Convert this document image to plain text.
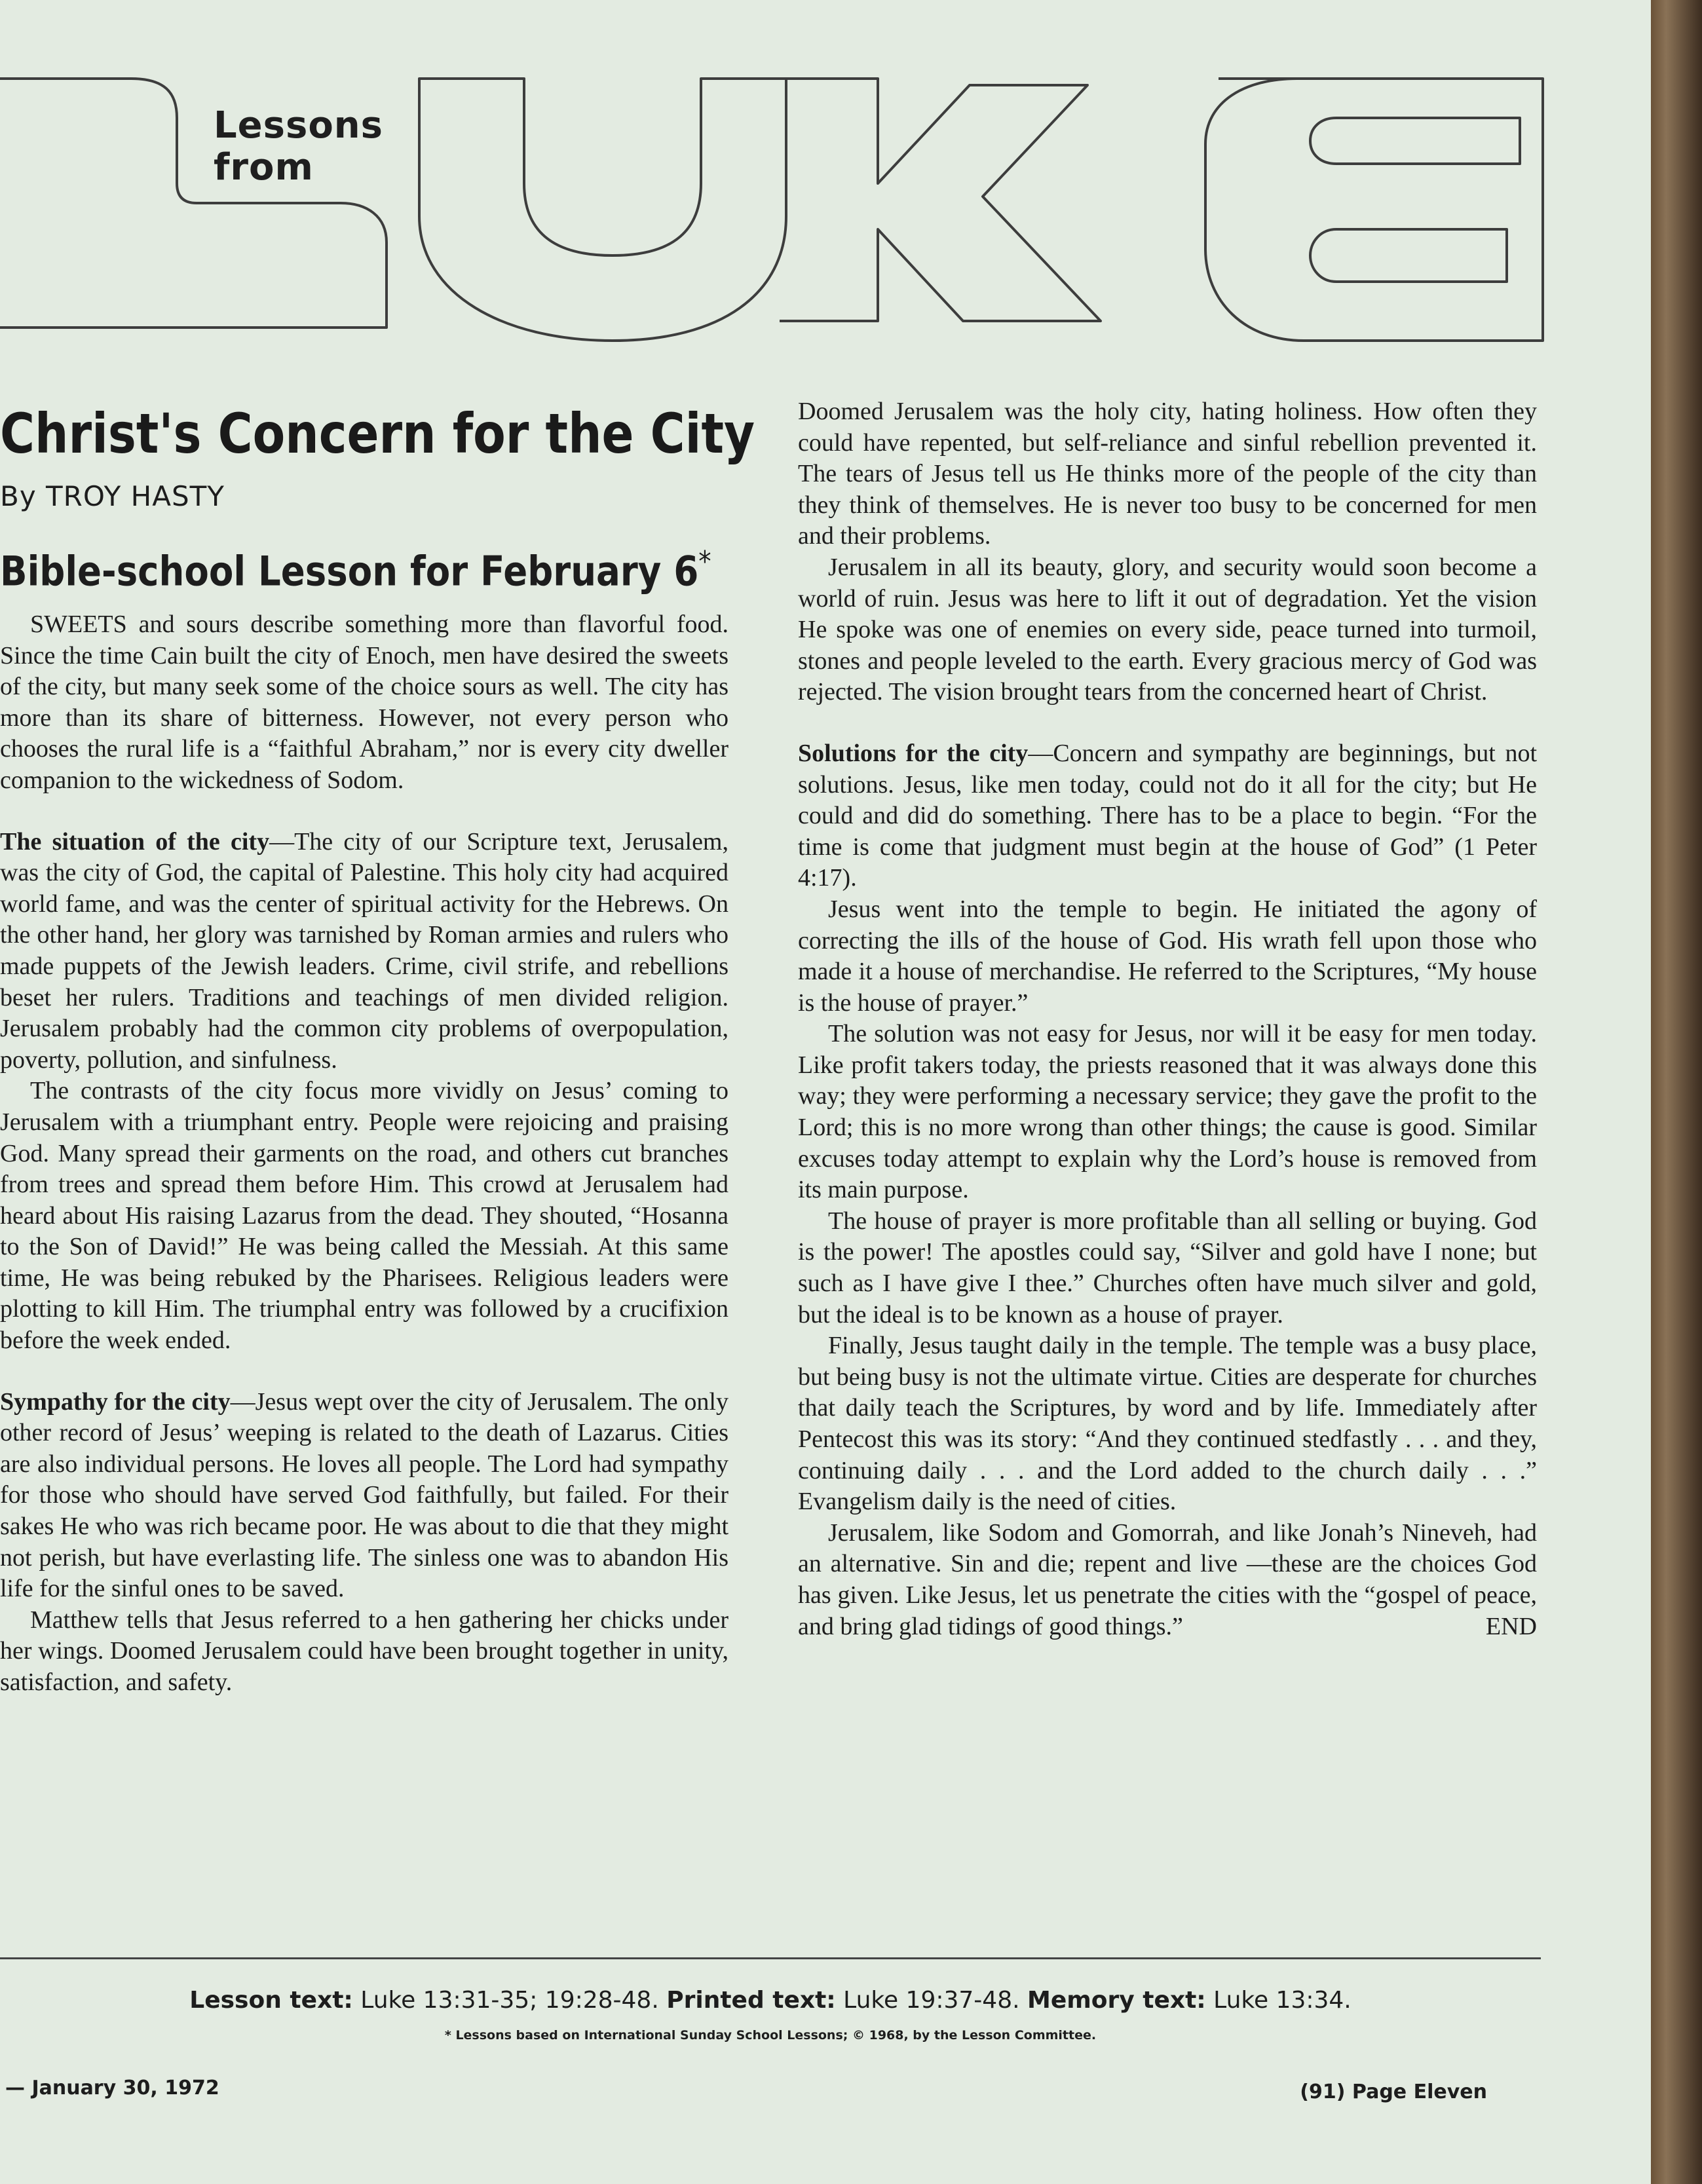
Lessons from
Christ's Concern for the City
By TROY HASTY
Bible-school Lesson for February 6*

SWEETS and sours describe something more than flavorful food. Since the time Cain built the city of Enoch, men have desired the sweets of the city, but many seek some of the choice sours as well. The city has more than its share of bitterness. However, not every person who chooses the rural life is a “faithful Abraham,” nor is every city dweller companion to the wickedness of Sodom.

The situation of the city—The city of our Scripture text, Jerusalem, was the city of God, the capital of Palestine. This holy city had acquired world fame, and was the center of spiritual activity for the Hebrews. On the other hand, her glory was tarnished by Roman armies and rulers who made puppets of the Jewish leaders. Crime, civil strife, and rebellions beset her rulers. Traditions and teachings of men divided religion. Jerusalem probably had the common city problems of overpopulation, poverty, pollution, and sinfulness.

The contrasts of the city focus more vividly on Jesus’ coming to Jerusalem with a triumphant entry. People were rejoicing and praising God. Many spread their garments on the road, and others cut branches from trees and spread them before Him. This crowd at Jerusalem had heard about His raising Lazarus from the dead. They shouted, “Hosanna to the Son of David!” He was being called the Messiah. At this same time, He was being rebuked by the Pharisees. Religious leaders were plotting to kill Him. The triumphal entry was followed by a crucifixion before the week ended.

Sympathy for the city—Jesus wept over the city of Jerusalem. The only other record of Jesus’ weeping is related to the death of Lazarus. Cities are also individual persons. He loves all people. The Lord had sympathy for those who should have served God faithfully, but failed. For their sakes He who was rich became poor. He was about to die that they might not perish, but have everlasting life. The sinless one was to abandon His life for the sinful ones to be saved.

Matthew tells that Jesus referred to a hen gathering her chicks under her wings. Doomed Jerusalem could have been brought together in unity, satisfaction, and safety.

Doomed Jerusalem was the holy city, hating holiness. How often they could have repented, but self-reliance and sinful rebellion prevented it. The tears of Jesus tell us He thinks more of the people of the city than they think of themselves. He is never too busy to be concerned for men and their problems.

Jerusalem in all its beauty, glory, and security would soon become a world of ruin. Jesus was here to lift it out of degradation. Yet the vision He spoke was one of enemies on every side, peace turned into turmoil, stones and people leveled to the earth. Every gracious mercy of God was rejected. The vision brought tears from the concerned heart of Christ.

Solutions for the city—Concern and sympathy are beginnings, but not solutions. Jesus, like men today, could not do it all for the city; but He could and did do something. There has to be a place to begin. “For the time is come that judgment must begin at the house of God” (1 Peter 4:17).

Jesus went into the temple to begin. He initiated the agony of correcting the ills of the house of God. His wrath fell upon those who made it a house of merchandise. He referred to the Scriptures, “My house is the house of prayer.”

The solution was not easy for Jesus, nor will it be easy for men today. Like profit takers today, the priests reasoned that it was always done this way; they were performing a necessary service; they gave the profit to the Lord; this is no more wrong than other things; the cause is good. Similar excuses today attempt to explain why the Lord’s house is removed from its main purpose.

The house of prayer is more profitable than all selling or buying. God is the power! The apostles could say, “Silver and gold have I none; but such as I have give I thee.” Churches often have much silver and gold, but the ideal is to be known as a house of prayer.

Finally, Jesus taught daily in the temple. The temple was a busy place, but being busy is not the ultimate virtue. Cities are desperate for churches that daily teach the Scriptures, by word and by life. Immediately after Pentecost this was its story: “And they continued stedfastly . . . and they, continuing daily . . . and the Lord added to the church daily . . .” Evangelism daily is the need of cities.

Jerusalem, like Sodom and Gomorrah, and like Jonah’s Nineveh, had an alternative. Sin and die; repent and live —these are the choices God has given. Like Jesus, let us penetrate the cities with the “gospel of peace, and bring glad tidings of good things.”	END

Lesson text: Luke 13:31-35; 19:28-48. Printed text: Luke 19:37-48. Memory text: Luke 13:34.
* Lessons based on International Sunday School Lessons; © 1968, by the Lesson Committee.
— January 30, 1972	(91) Page Eleven
